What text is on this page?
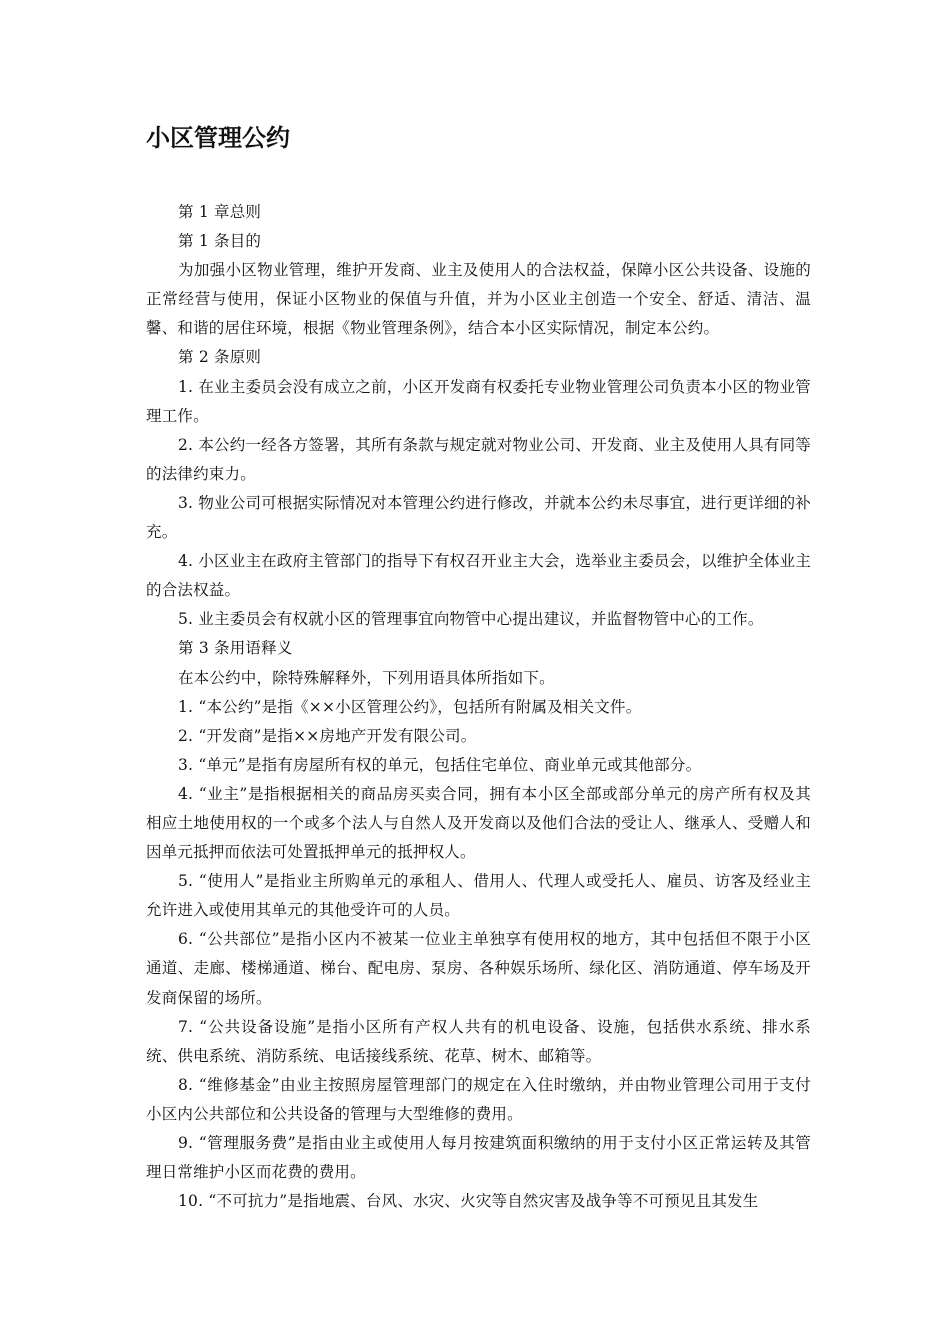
小区管理公约

第 1 章总则

第 1 条目的

为加强小区物业管理，维护开发商、业主及使用人的合法权益，保障小区公共设备、设施的正常经营与使用，保证小区物业的保值与升值，并为小区业主创造一个安全、舒适、清洁、温馨、和谐的居住环境，根据《物业管理条例》，结合本小区实际情况，制定本公约。

第 2 条原则

1. 在业主委员会没有成立之前，小区开发商有权委托专业物业管理公司负责本小区的物业管理工作。

2. 本公约一经各方签署，其所有条款与规定就对物业公司、开发商、业主及使用人具有同等的法律约束力。

3. 物业公司可根据实际情况对本管理公约进行修改，并就本公约未尽事宜，进行更详细的补充。

4. 小区业主在政府主管部门的指导下有权召开业主大会，选举业主委员会，以维护全体业主的合法权益。

5. 业主委员会有权就小区的管理事宜向物管中心提出建议，并监督物管中心的工作。

第 3 条用语释义

在本公约中，除特殊解释外，下列用语具体所指如下。

1. “本公约”是指《××小区管理公约》，包括所有附属及相关文件。

2. “开发商”是指××房地产开发有限公司。

3. “单元”是指有房屋所有权的单元，包括住宅单位、商业单元或其他部分。

4. “业主”是指根据相关的商品房买卖合同，拥有本小区全部或部分单元的房产所有权及其相应土地使用权的一个或多个法人与自然人及开发商以及他们合法的受让人、继承人、受赠人和因单元抵押而依法可处置抵押单元的抵押权人。

5. “使用人”是指业主所购单元的承租人、借用人、代理人或受托人、雇员、访客及经业主允许进入或使用其单元的其他受许可的人员。

6. “公共部位”是指小区内不被某一位业主单独享有使用权的地方，其中包括但不限于小区通道、走廊、楼梯通道、梯台、配电房、泵房、各种娱乐场所、绿化区、消防通道、停车场及开发商保留的场所。

7. “公共设备设施”是指小区所有产权人共有的机电设备、设施，包括供水系统、排水系统、供电系统、消防系统、电话接线系统、花草、树木、邮箱等。

8. “维修基金”由业主按照房屋管理部门的规定在入住时缴纳，并由物业管理公司用于支付小区内公共部位和公共设备的管理与大型维修的费用。

9. “管理服务费”是指由业主或使用人每月按建筑面积缴纳的用于支付小区正常运转及其管理日常维护小区而花费的费用。

10. “不可抗力”是指地震、台风、水灾、火灾等自然灾害及战争等不可预见且其发生
